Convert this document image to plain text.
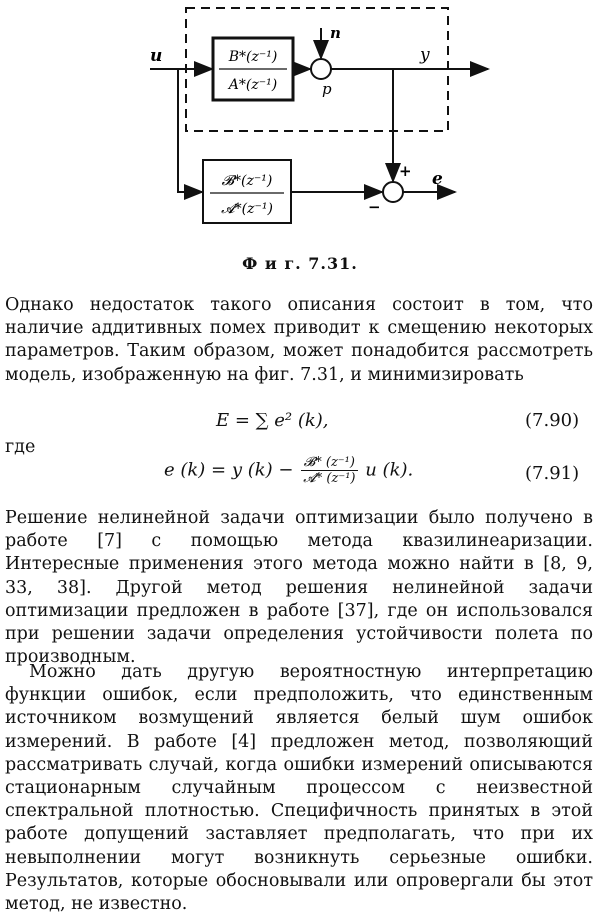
B*(z⁻¹)
A*(z⁻¹)
𝓑*(z⁻¹)
𝓐*(z⁻¹)
u	y
n
p
e
+
−
Ф и г. 7.31.

Однако недостаток такого описания состоит в том, что наличие аддитивных помех приводит к смещению некоторых параметров. Таким образом, может понадобится рассмотреть модель, изображенную на фиг. 7.31, и минимизировать

E = ∑ e² (k),	(7.90)
где
e (k) = y $(k) - \frac{\text{𝓑* (z⁻¹)}}{\text{𝓐* (z⁻¹)}}$ u (k).	(7.91)

Решение нелинейной задачи оптимизации было получено в работе [7] с помощью метода квазилинеаризации. Интересные применения этого метода можно найти в [8, 9, 33, 38]. Другой метод решения нелинейной задачи оптимизации предложен в работе [37], где он использовался при решении задачи определения устойчивости полета по производным.

Можно дать другую вероятностную интерпретацию функции ошибок, если предположить, что единственным источником возмущений является белый шум ошибок измерений. В работе [4] предложен метод, позволяющий рассматривать случай, когда ошибки измерений описываются стационарным случайным процессом с неизвестной спектральной плотностью. Специфичность принятых в этой работе допущений заставляет предполагать, что при их невыполнении могут возникнуть серьезные ошибки. Результатов, которые обосновывали или опровергали бы этот метод, не известно.
